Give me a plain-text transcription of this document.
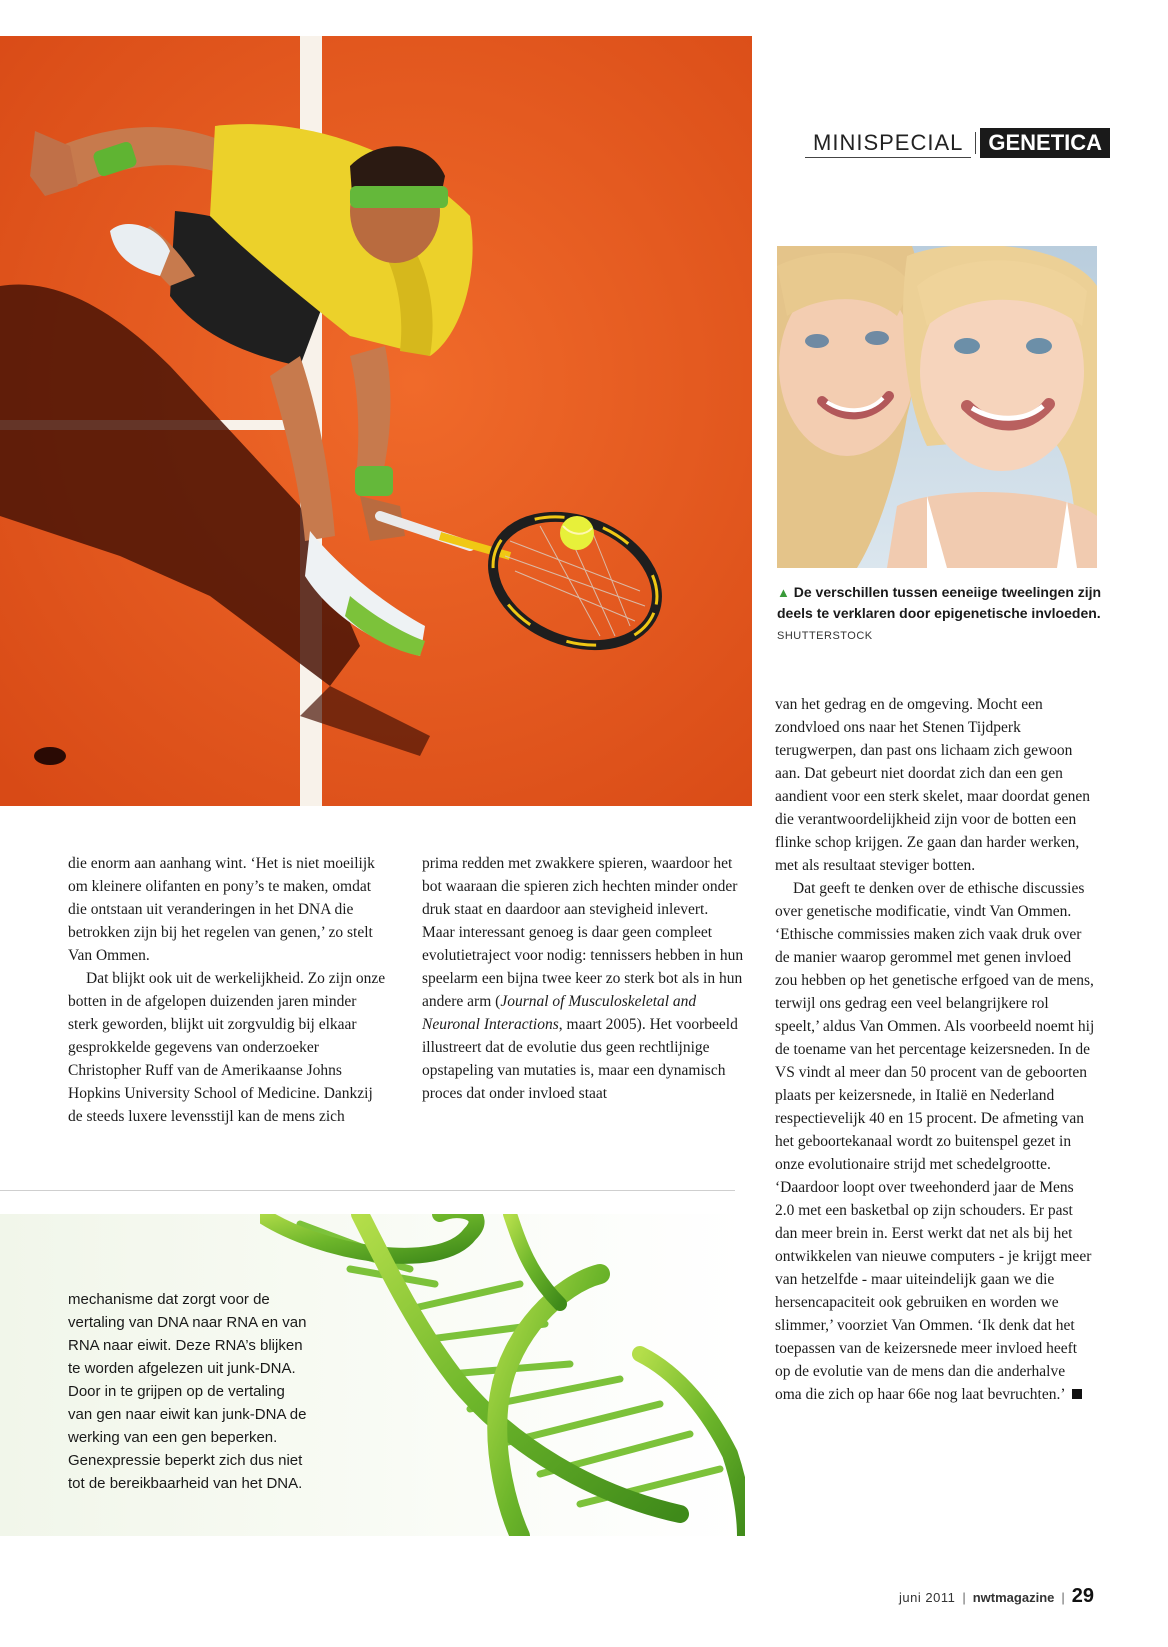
MINISPECIAL	GENETICA
▲ De verschillen tussen eeneiige tweelingen zijn deels te verklaren door epigenetische invloeden. SHUTTERSTOCK

die enorm aan aanhang wint. ‘Het is niet moeilijk om kleinere olifanten en pony’s te maken, omdat die ontstaan uit veranderingen in het DNA die betrokken zijn bij het regelen van genen,’ zo stelt Van Ommen.

Dat blijkt ook uit de werkelijkheid. Zo zijn onze botten in de afgelopen duizenden jaren minder sterk geworden, blijkt uit zorgvuldig bij elkaar gesprokkelde gegevens van onderzoeker Christopher Ruff van de Amerikaanse Johns Hopkins University School of Medicine. Dankzij de steeds luxere levensstijl kan de mens zich

prima redden met zwakkere spieren, waardoor het bot waaraan die spieren zich hechten minder onder druk staat en daardoor aan stevigheid inlevert. Maar interessant genoeg is daar geen compleet evolutietraject voor nodig: tennissers hebben in hun speelarm een bijna twee keer zo sterk bot als in hun andere arm (Journal of Musculoskeletal and Neuronal Interactions, maart 2005). Het voorbeeld illustreert dat de evolutie dus geen rechtlijnige opstapeling van mutaties is, maar een dynamisch proces dat onder invloed staat

van het gedrag en de omgeving. Mocht een zondvloed ons naar het Stenen Tijdperk terugwerpen, dan past ons lichaam zich gewoon aan. Dat gebeurt niet doordat zich dan een gen aandient voor een sterk skelet, maar doordat genen die verantwoordelijkheid zijn voor de botten een flinke schop krijgen. Ze gaan dan harder werken, met als resultaat steviger botten.

Dat geeft te denken over de ethische discussies over genetische modificatie, vindt Van Ommen. ‘Ethische commissies maken zich vaak druk over de manier waarop gerommel met genen invloed zou hebben op het genetische erfgoed van de mens, terwijl ons gedrag een veel belangrijkere rol speelt,’ aldus Van Ommen. Als voorbeeld noemt hij de toename van het percentage keizersneden. In de VS vindt al meer dan 50 procent van de geboorten plaats per keizersnede, in Italië en Nederland respectievelijk 40 en 15 procent. De afmeting van het geboortekanaal wordt zo buitenspel gezet in onze evolutionaire strijd met schedelgrootte. ‘Daardoor loopt over tweehonderd jaar de Mens 2.0 met een basketbal op zijn schouders. Er past dan meer brein in. Eerst werkt dat net als bij het ontwikkelen van nieuwe computers - je krijgt meer van hetzelfde - maar uiteindelijk gaan we die hersencapaciteit ook gebruiken en worden we slimmer,’ voorziet Van Ommen. ‘Ik denk dat het toepassen van de keizersnede meer invloed heeft op de evolutie van de mens dan die anderhalve oma die zich op haar 66e nog laat bevruchten.’

mechanisme dat zorgt voor de vertaling van DNA naar RNA en van RNA naar eiwit. Deze RNA’s blijken te worden afgelezen uit junk-DNA. Door in te grijpen op de vertaling van gen naar eiwit kan junk-DNA de werking van een gen beperken. Genexpressie beperkt zich dus niet tot de bereikbaarheid van het DNA.
juni 2011 | nwtmagazine | 29
